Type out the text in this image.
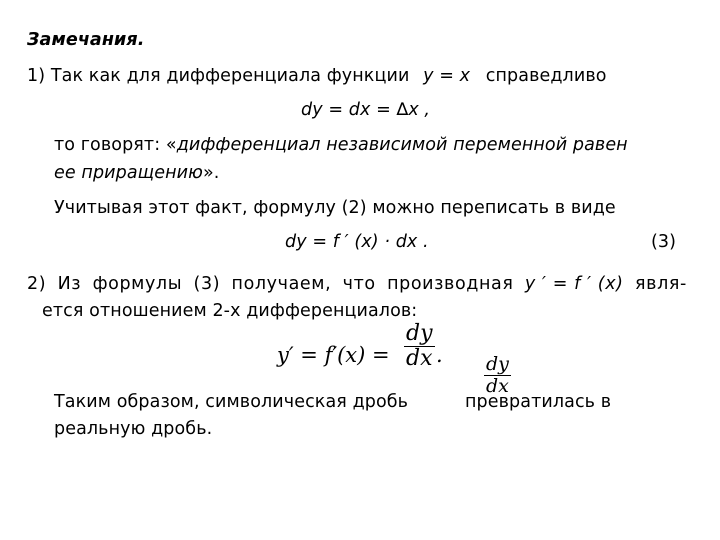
Замечания.
1) Так как для дифференциала функции y = x справедливо
dy = dx = ∆x ,
то говорят: «дифференциал независимой переменной равен
ее приращению».
Учитывая этот факт, формулу (2) можно переписать в виде
dy = f ′ (x) · dx .	(3)
2) Из формулы (3) получаем, что производная y ′ = f ′ (x) явля-
ется отношением 2-х дифференциалов:
y′ = f′(x) =
dy
dx .
Таким образом, символическая дробь	превратилась в
dy
dx
реальную дробь.
